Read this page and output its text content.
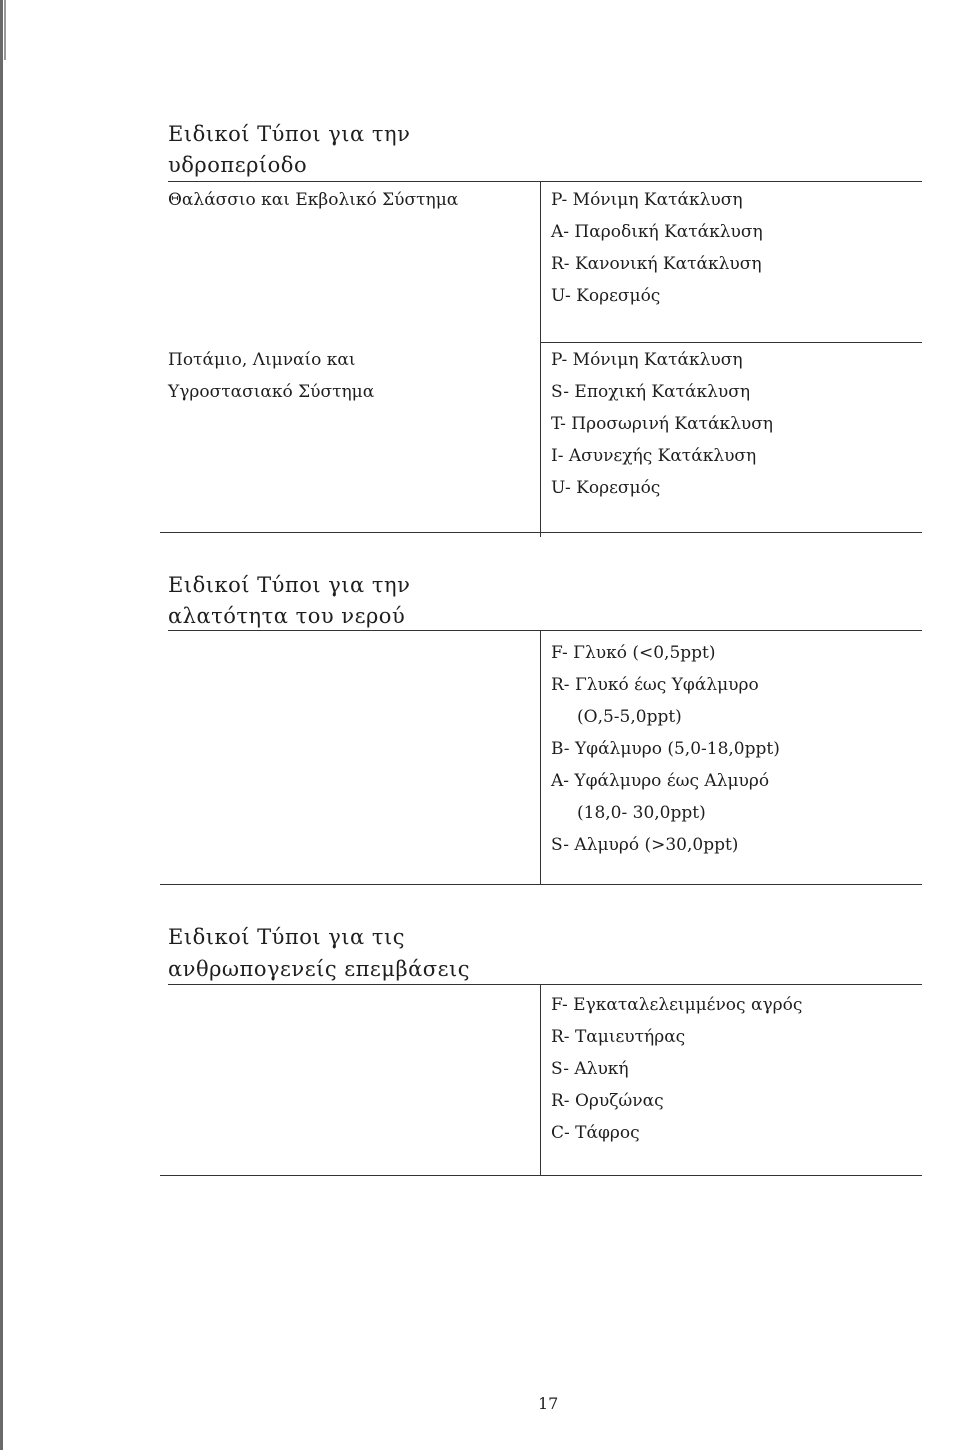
Ειδικοί Τύποι για την
υδροπερίοδο
Θαλάσσιο και Εκβολικό Σύστημα	P- Μόνιμη Κατάκλυση
A- Παροδική Κατάκλυση
R- Κανονική Κατάκλυση
U- Κορεσμός
Ποτάμιο, Λιμναίο και
Υγροστασιακό Σύστημα
P- Μόνιμη Κατάκλυση
S- Εποχική Κατάκλυση
T- Προσωρινή Κατάκλυση
I- Ασυνεχής Κατάκλυση
U- Κορεσμός
Ειδικοί Τύποι για την
αλατότητα του νερού
F- Γλυκό (<0,5ppt)
R- Γλυκό έως Υφάλμυρο
(Ο,5-5,0ppt)
B- Υφάλμυρο (5,0-18,0ppt)
A- Υφάλμυρο έως Αλμυρό
(18,0- 30,0ppt)
S- Αλμυρό (>30,0ppt)
Ειδικοί Τύποι για τις
ανθρωπογενείς επεμβάσεις
F- Εγκαταλελειμμένος αγρός
R- Ταμιευτήρας
S- Αλυκή
R- Ορυζώνας
C- Τάφρος
17
